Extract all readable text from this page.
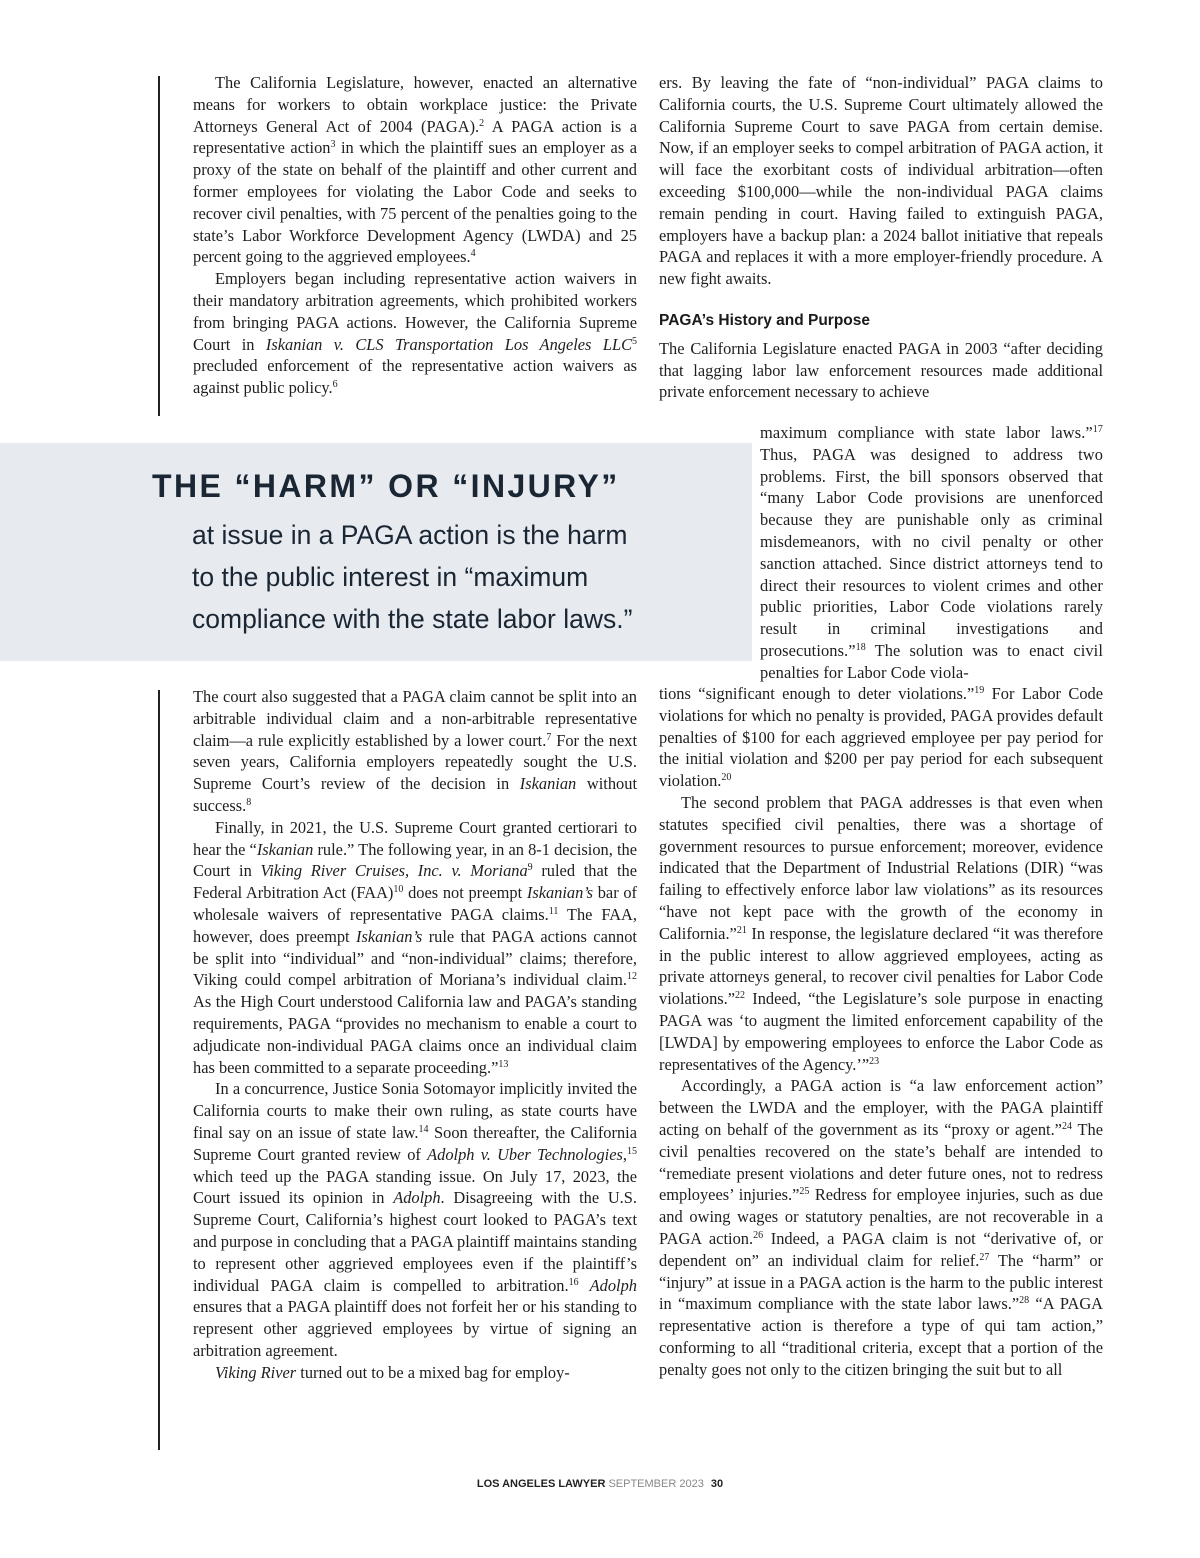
The California Legislature, however, enacted an alternative means for workers to obtain workplace justice: the Private Attorneys General Act of 2004 (PAGA).$^2$ A PAGA action is a representative action$^3$ in which the plaintiff sues an employer as a proxy of the state on behalf of the plaintiff and other current and former employees for violating the Labor Code and seeks to recover civil penalties, with 75 percent of the penalties going to the state’s Labor Workforce Development Agency (LWDA) and 25 percent going to the aggrieved employees.$^4$

Employers began including representative action waivers in their mandatory arbitration agreements, which prohibited workers from bringing PAGA actions. However, the California Supreme Court in Iskanian v. CLS Transportation Los Angeles LLC$^5$ precluded enforcement of the representative action waivers as against public policy.$^6$

THE “HARM” OR “INJURY”
at issue in a PAGA action is the harm
to the public interest in “maximum
compliance with the state labor laws.”

The court also suggested that a PAGA claim cannot be split into an arbitrable individual claim and a non-arbitrable representative claim—a rule explicitly established by a lower court.$^7$ For the next seven years, California employers repeatedly sought the U.S. Supreme Court’s review of the decision in Iskanian without success.$^8$

Finally, in 2021, the U.S. Supreme Court granted certiorari to hear the “Iskanian rule.” The following year, in an 8-1 decision, the Court in Viking River Cruises, Inc. v. Moriana$^9$ ruled that the Federal Arbitration Act (FAA)$^{10}$ does not preempt Iskanian’s bar of wholesale waivers of representative PAGA claims.$^{11}$ The FAA, however, does preempt Iskanian’s rule that PAGA actions cannot be split into “individual” and “non-individual” claims; therefore, Viking could compel arbitration of Moriana’s individual claim.$^{12}$ As the High Court understood California law and PAGA’s standing requirements, PAGA “provides no mechanism to enable a court to adjudicate non-individual PAGA claims once an individual claim has been committed to a separate proceeding.”$^{13}$

In a concurrence, Justice Sonia Sotomayor implicitly invited the California courts to make their own ruling, as state courts have final say on an issue of state law.$^{14}$ Soon thereafter, the California Supreme Court granted review of Adolph v. Uber Technologies,$^{15}$ which teed up the PAGA standing issue. On July 17, 2023, the Court issued its opinion in Adolph. Disagreeing with the U.S. Supreme Court, California’s highest court looked to PAGA’s text and purpose in concluding that a PAGA plaintiff maintains standing to represent other aggrieved employees even if the plaintiff’s individual PAGA claim is compelled to arbitration.$^{16}$ Adolph ensures that a PAGA plaintiff does not forfeit her or his standing to represent other aggrieved employees by virtue of signing an arbitration agreement.

Viking River turned out to be a mixed bag for employ-

ers. By leaving the fate of “non-individual” PAGA claims to California courts, the U.S. Supreme Court ultimately allowed the California Supreme Court to save PAGA from certain demise. Now, if an employer seeks to compel arbitration of PAGA action, it will face the exorbitant costs of individual arbitration—often exceeding $100,000—while the non-individual PAGA claims remain pending in court. Having failed to extinguish PAGA, employers have a backup plan: a 2024 ballot initiative that repeals PAGA and replaces it with a more employer-friendly procedure. A new fight awaits.

PAGA’s History and Purpose

The California Legislature enacted PAGA in 2003 “after deciding that lagging labor law enforcement resources made additional private enforcement necessary to achieve

maximum compliance with state labor laws.”$^{17}$ Thus, PAGA was designed to address two problems. First, the bill sponsors observed that “many Labor Code provisions are unenforced because they are punishable only as criminal misdemeanors, with no civil penalty or other sanction attached. Since district attorneys tend to direct their resources to violent crimes and other public priorities, Labor Code violations rarely result in criminal investigations and prosecutions.”$^{18}$ The solution was to enact civil penalties for Labor Code viola-

tions “significant enough to deter violations.”$^{19}$ For Labor Code violations for which no penalty is provided, PAGA provides default penalties of $100 for each aggrieved employee per pay period for the initial violation and $200 per pay period for each subsequent violation.$^{20}$

The second problem that PAGA addresses is that even when statutes specified civil penalties, there was a shortage of government resources to pursue enforcement; moreover, evidence indicated that the Department of Industrial Relations (DIR) “was failing to effectively enforce labor law violations” as its resources “have not kept pace with the growth of the economy in California.”$^{21}$ In response, the legislature declared “it was therefore in the public interest to allow aggrieved employees, acting as private attorneys general, to recover civil penalties for Labor Code violations.”$^{22}$ Indeed, “the Legislature’s sole purpose in enacting PAGA was ‘to augment the limited enforcement capability of the [LWDA] by empowering employees to enforce the Labor Code as representatives of the Agency.’”$^{23}$

Accordingly, a PAGA action is “a law enforcement action” between the LWDA and the employer, with the PAGA plaintiff acting on behalf of the government as its “proxy or agent.”$^{24}$ The civil penalties recovered on the state’s behalf are intended to “remediate present violations and deter future ones, not to redress employees’ injuries.”$^{25}$ Redress for employee injuries, such as due and owing wages or statutory penalties, are not recoverable in a PAGA action.$^{26}$ Indeed, a PAGA claim is not “derivative of, or dependent on” an individual claim for relief.$^{27}$ The “harm” or “injury” at issue in a PAGA action is the harm to the public interest in “maximum compliance with the state labor laws.”$^{28}$ “A PAGA representative action is therefore a type of qui tam action,” conforming to all “traditional criteria, except that a portion of the penalty goes not only to the citizen bringing the suit but to all

LOS ANGELES LAWYER SEPTEMBER 2023 30
